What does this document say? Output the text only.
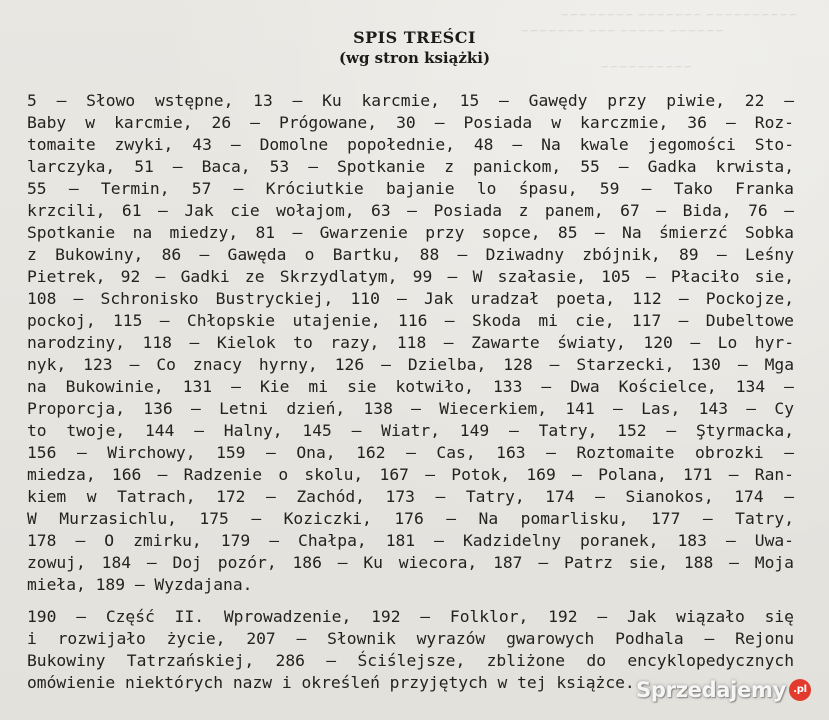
~~~~~~~~~~ ~~~~~~~ ~~~~~~~~
~~~~~~ ~~~~~ ~~~ ~~~~~~~
~~~~~~~~~~
SPIS TREŚCI
(wg stron książki)
5 — Słowo wstępne, 13 — Ku karcmie, 15 — Gawędy przy piwie, 22 —
Baby w karcmie, 26 — Prógowane, 30 — Posiada w karczmie, 36 — Roz-
tomaite zwyki, 43 — Domolne popołednie, 48 — Na kwale jegomości Sto-
larczyka, 51 — Baca, 53 — Spotkanie z panickom, 55 — Gadka krwista,
55 — Termin, 57 — Króciutkie bajanie lo śpasu, 59 — Tako Franka
krzcili, 61 — Jak cie wołajom, 63 — Posiada z panem, 67 — Bida, 76 —
Spotkanie na miedzy, 81 — Gwarzenie przy sopce, 85 — Na śmierzć Sobka
z Bukowiny, 86 — Gawęda o Bartku, 88 — Dziwadny zbójnik, 89 — Leśny
Pietrek, 92 — Gadki ze Skrzydlatym, 99 — W szałasie, 105 — Płaciło sie,
108 — Schronisko Bustryckiej, 110 — Jak uradzał poeta, 112 — Pockojze,
pockoj, 115 — Chłopskie utajenie, 116 — Skoda mi cie, 117 — Dubeltowe
narodziny, 118 — Kielok to razy, 118 — Zawarte światy, 120 — Lo hyr-
nyk, 123 — Co znacy hyrny, 126 — Dzielba, 128 — Starzecki, 130 — Mga
na Bukowinie, 131 — Kie mi sie kotwiło, 133 — Dwa Kościelce, 134 —
Proporcja, 136 — Letni dzień, 138 — Wiecerkiem, 141 — Las, 143 — Cy
to twoje, 144 — Halny, 145 — Wiatr, 149 — Tatry, 152 — Ştyrmacka,
156 — Wirchowy, 159 — Ona, 162 — Cas, 163 — Roztomaite obrozki —
miedza, 166 — Radzenie o skolu, 167 — Potok, 169 — Polana, 171 — Ran-
kiem w Tatrach, 172 — Zachód, 173 — Tatry, 174 — Sianokos, 174 —
W Murzasichlu, 175 — Koziczki, 176 — Na pomarlisku, 177 — Tatry,
178 — O zmirku, 179 — Chałpa, 181 — Kadzidelny poranek, 183 — Uwa-
zowuj, 184 — Doj pozór, 186 — Ku wiecora, 187 — Patrz sie, 188 — Moja
mieła, 189 — Wyzdajana.
190 — Część II. Wprowadzenie, 192 — Folklor, 192 — Jak wiązało się
i rozwijało życie, 207 — Słownik wyrazów gwarowych Podhala — Rejonu
Bukowiny Tatrzańskiej, 286 — Ściślejsze, zbliżone do encyklopedycznych
omówienie niektórych nazw i określeń przyjętych w tej książce. Sprzedajemy .pl
